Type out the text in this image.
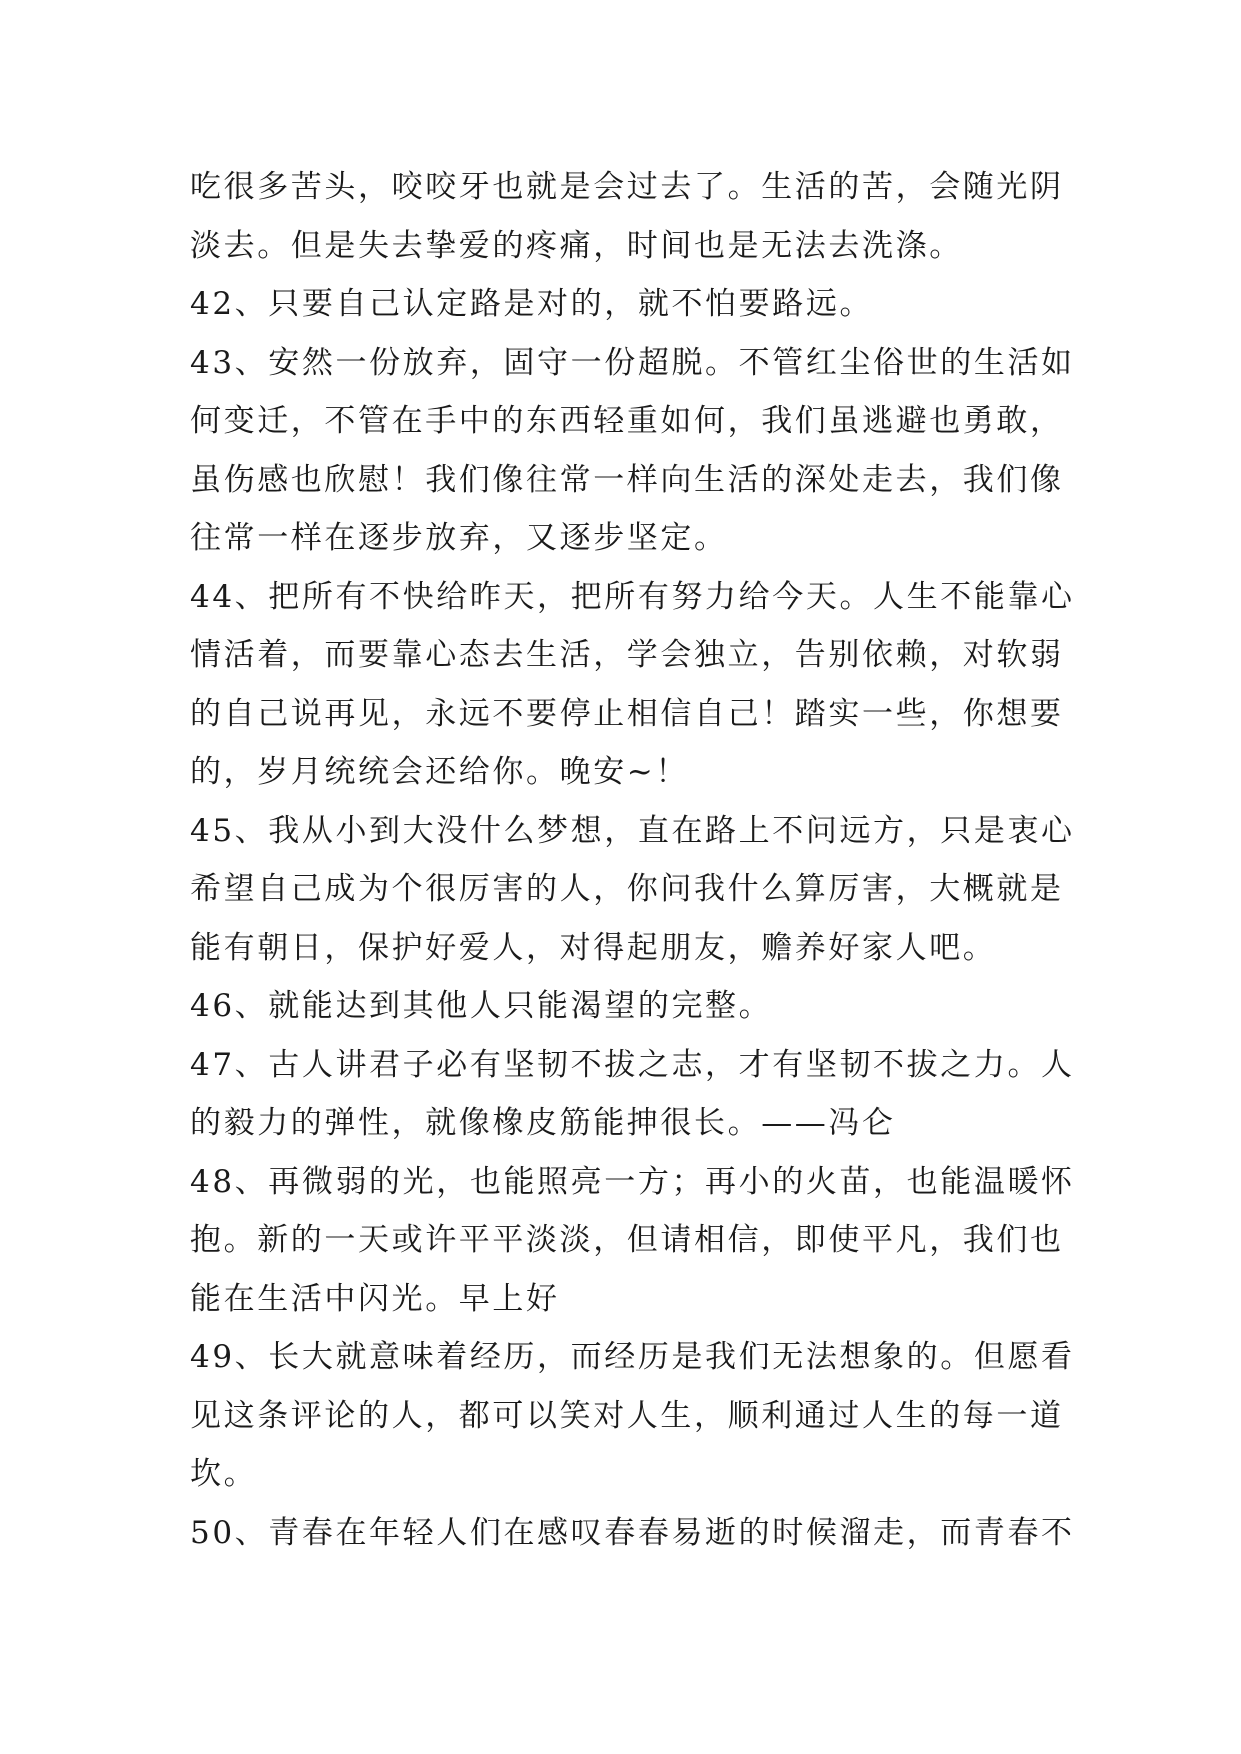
吃很多苦头，咬咬牙也就是会过去了。生活的苦，会随光阴
淡去。但是失去挚爱的疼痛，时间也是无法去洗涤。
42、只要自己认定路是对的，就不怕要路远。
43、安然一份放弃，固守一份超脱。不管红尘俗世的生活如
何变迁，不管在手中的东西轻重如何，我们虽逃避也勇敢，
虽伤感也欣慰！我们像往常一样向生活的深处走去，我们像
往常一样在逐步放弃，又逐步坚定。
44、把所有不快给昨天，把所有努力给今天。人生不能靠心
情活着，而要靠心态去生活，学会独立，告别依赖，对软弱
的自己说再见，永远不要停止相信自己！踏实一些，你想要
的，岁月统统会还给你。晚安~！
45、我从小到大没什么梦想，直在路上不问远方，只是衷心
希望自己成为个很厉害的人，你问我什么算厉害，大概就是
能有朝日，保护好爱人，对得起朋友，赡养好家人吧。
46、就能达到其他人只能渴望的完整。
47、古人讲君子必有坚韧不拔之志，才有坚韧不拔之力。人
的毅力的弹性，就像橡皮筋能抻很长。——冯仑
48、再微弱的光，也能照亮一方；再小的火苗，也能温暖怀
抱。新的一天或许平平淡淡，但请相信，即使平凡，我们也
能在生活中闪光。早上好
49、长大就意味着经历，而经历是我们无法想象的。但愿看
见这条评论的人，都可以笑对人生，顺利通过人生的每一道
坎。
50、青春在年轻人们在感叹春春易逝的时候溜走，而青春不
